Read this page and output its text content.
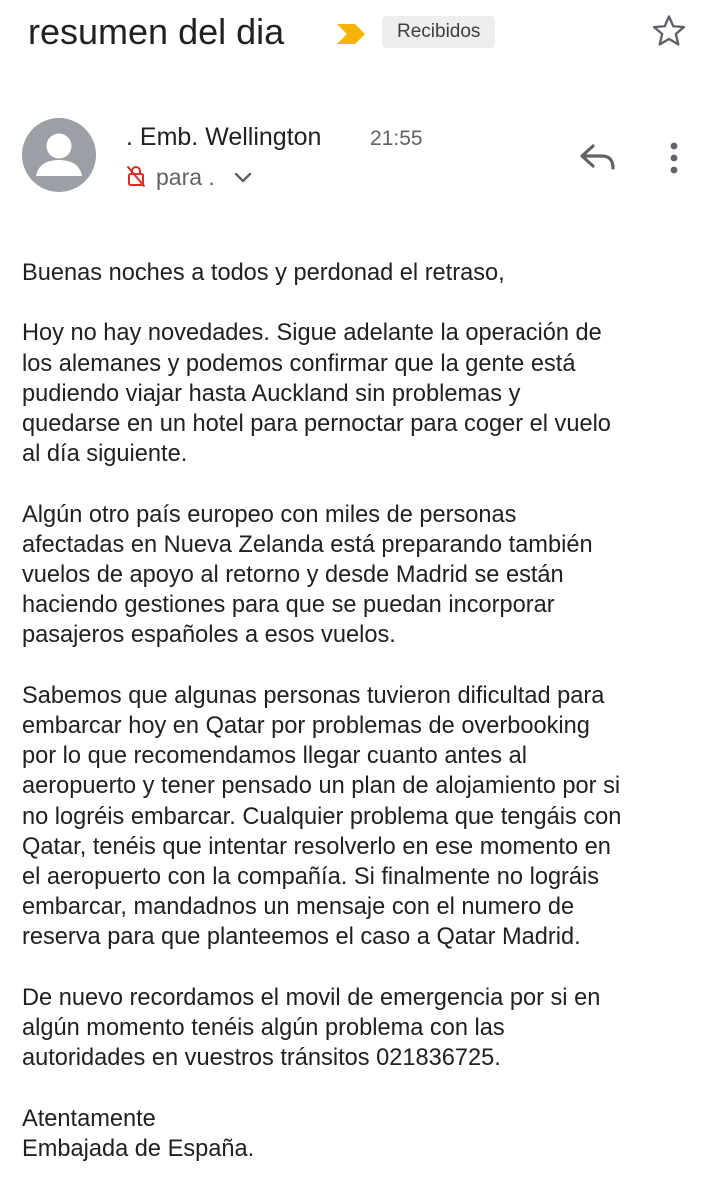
resumen del dia	Recibidos
. Emb. Wellington 21:55
para .

Buenas noches a todos y perdonad el retraso,

Hoy no hay novedades. Sigue adelante la operación de
los alemanes y podemos confirmar que la gente está
pudiendo viajar hasta Auckland sin problemas y
quedarse en un hotel para pernoctar para coger el vuelo
al día siguiente.

Algún otro país europeo con miles de personas
afectadas en Nueva Zelanda está preparando también
vuelos de apoyo al retorno y desde Madrid se están
haciendo gestiones para que se puedan incorporar
pasajeros españoles a esos vuelos.

Sabemos que algunas personas tuvieron dificultad para
embarcar hoy en Qatar por problemas de overbooking
por lo que recomendamos llegar cuanto antes al
aeropuerto y tener pensado un plan de alojamiento por si
no logréis embarcar. Cualquier problema que tengáis con
Qatar, tenéis que intentar resolverlo en ese momento en
el aeropuerto con la compañía. Si finalmente no lográis
embarcar, mandadnos un mensaje con el numero de
reserva para que planteemos el caso a Qatar Madrid.

De nuevo recordamos el movil de emergencia por si en
algún momento tenéis algún problema con las
autoridades en vuestros tránsitos 021836725.

Atentamente
Embajada de España.
